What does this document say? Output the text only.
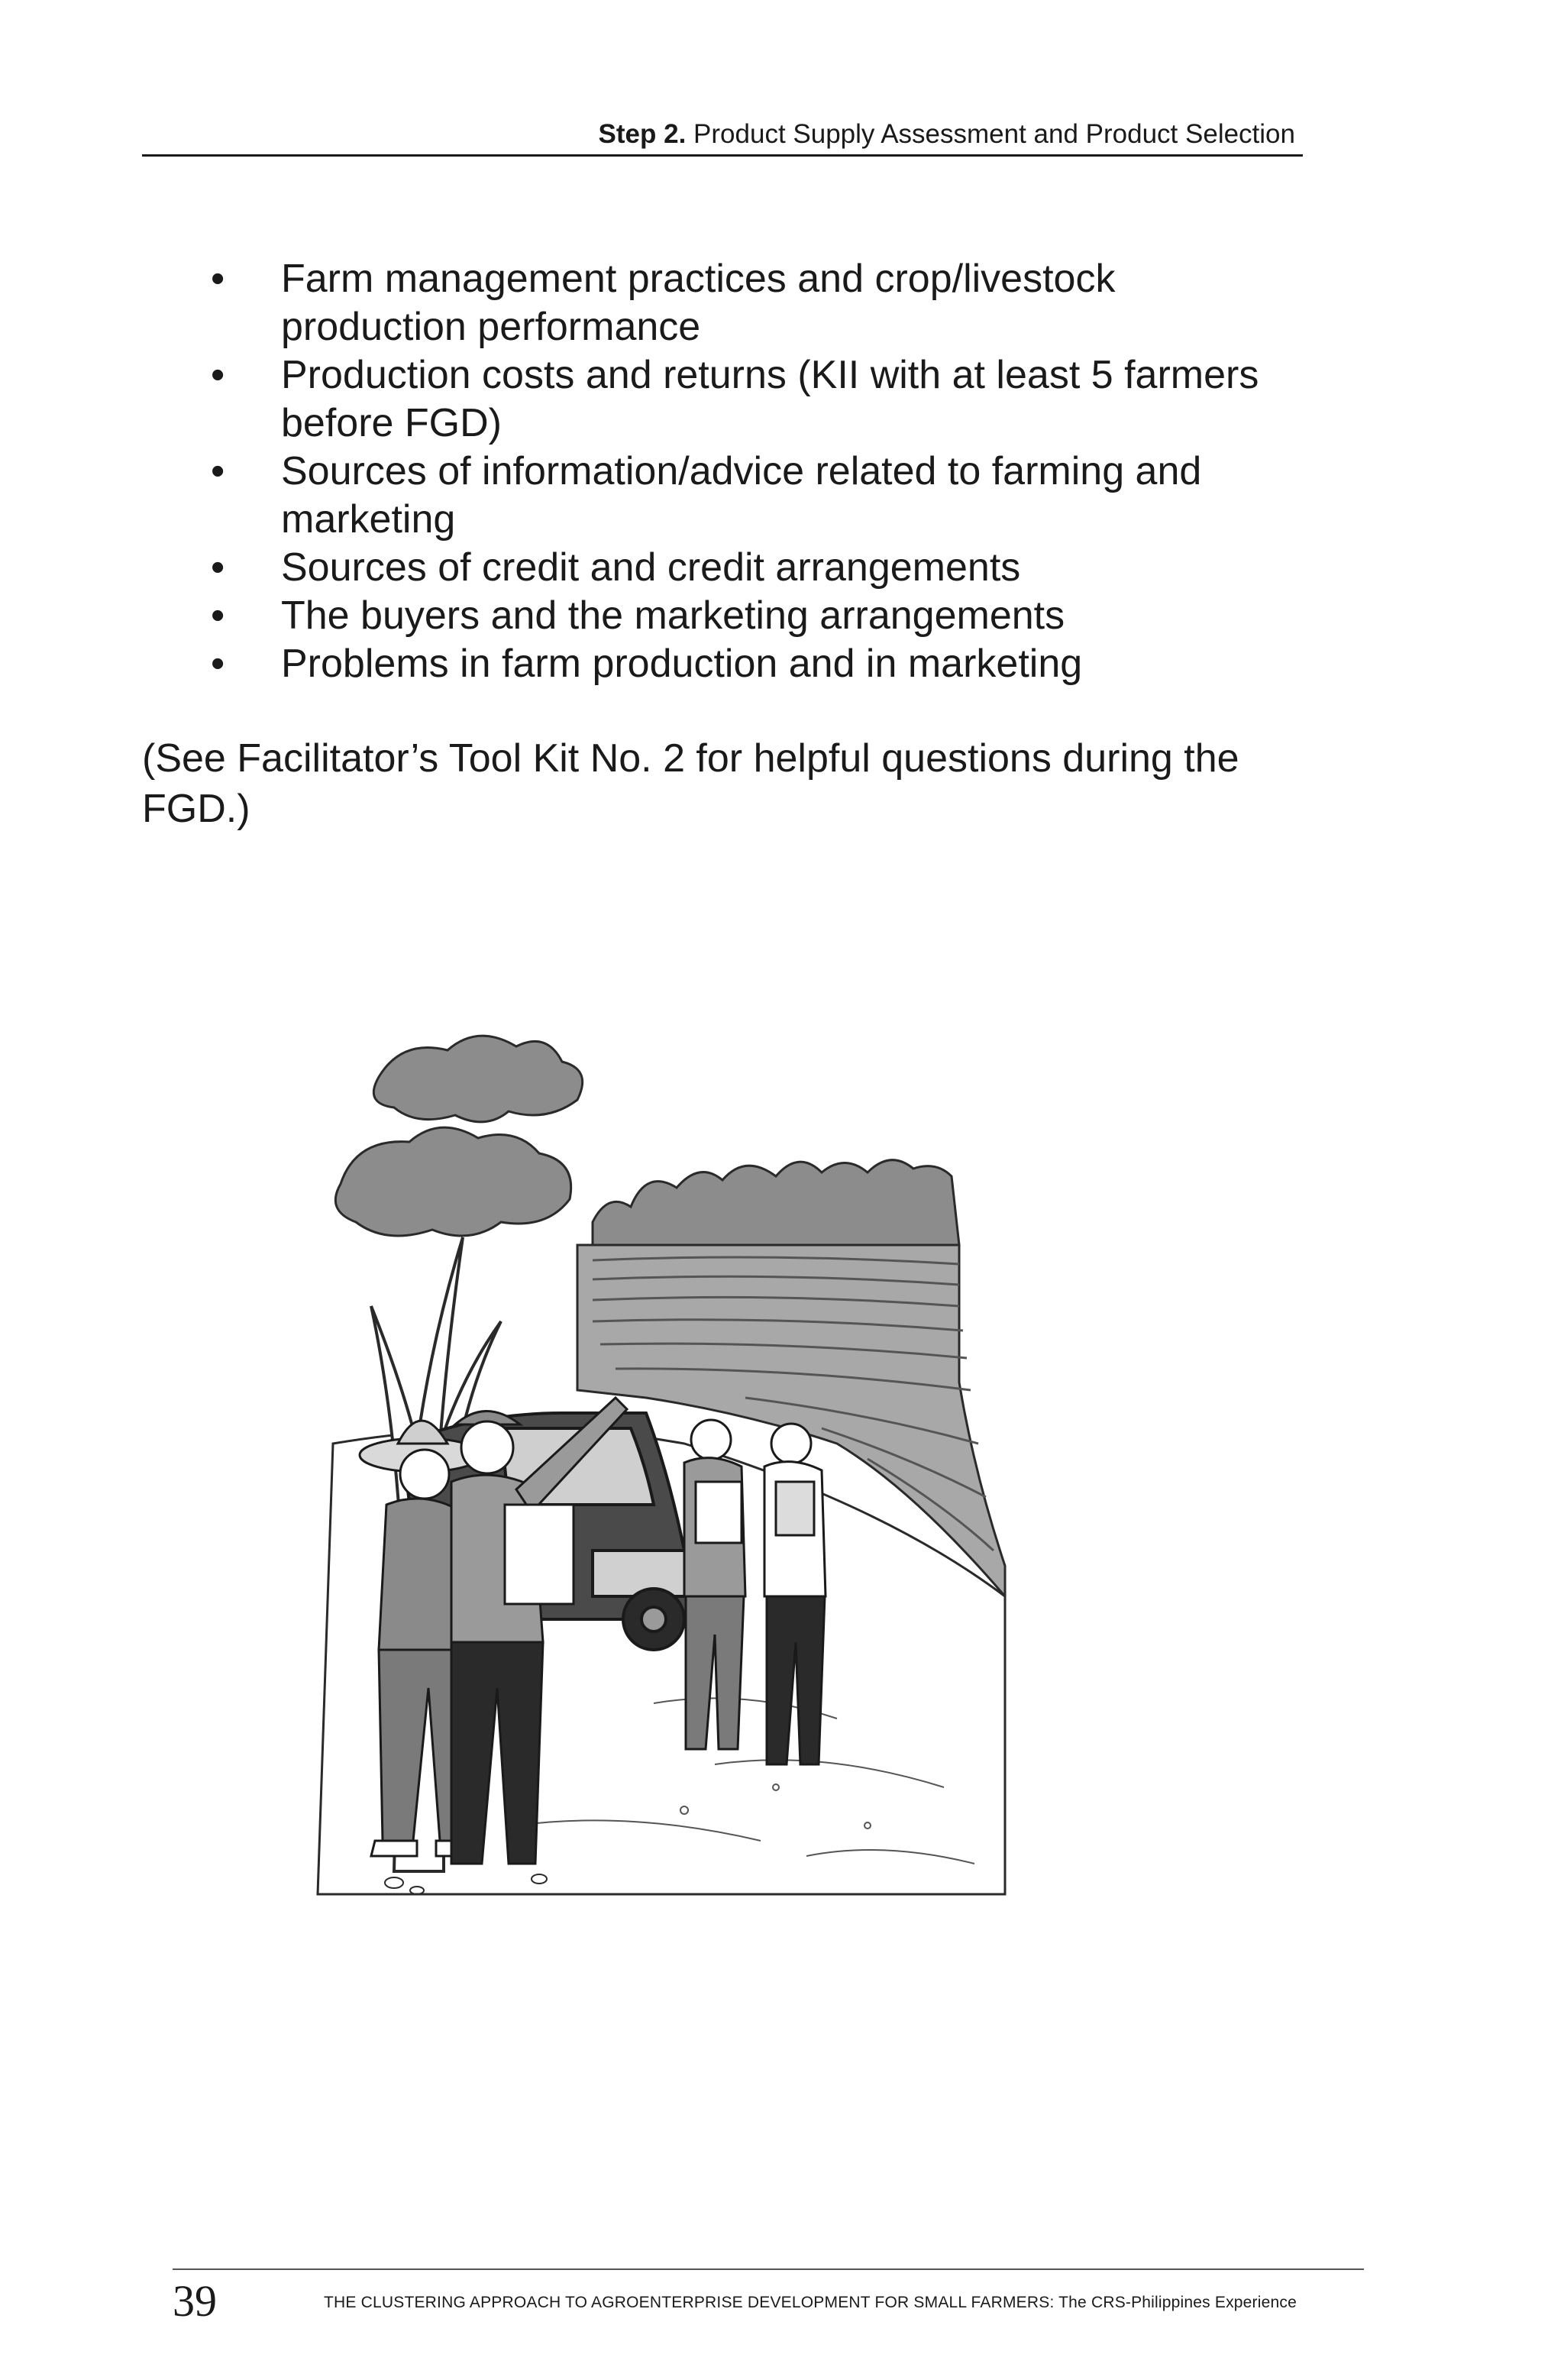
Step 2. Product Supply Assessment and Product Selection
• Farm management practices and crop/livestock production performance
• Production costs and returns (KII with at least 5 farmers before FGD)
• Sources of information/advice related to farming and marketing
• Sources of credit and credit arrangements
• The buyers and the marketing arrangements
• Problems in farm production and in marketing

(See Facilitator’s Tool Kit No. 2 for helpful questions during the FGD.)

39	THE CLUSTERING APPROACH TO AGROENTERPRISE DEVELOPMENT FOR SMALL FARMERS: The CRS-Philippines Experience
